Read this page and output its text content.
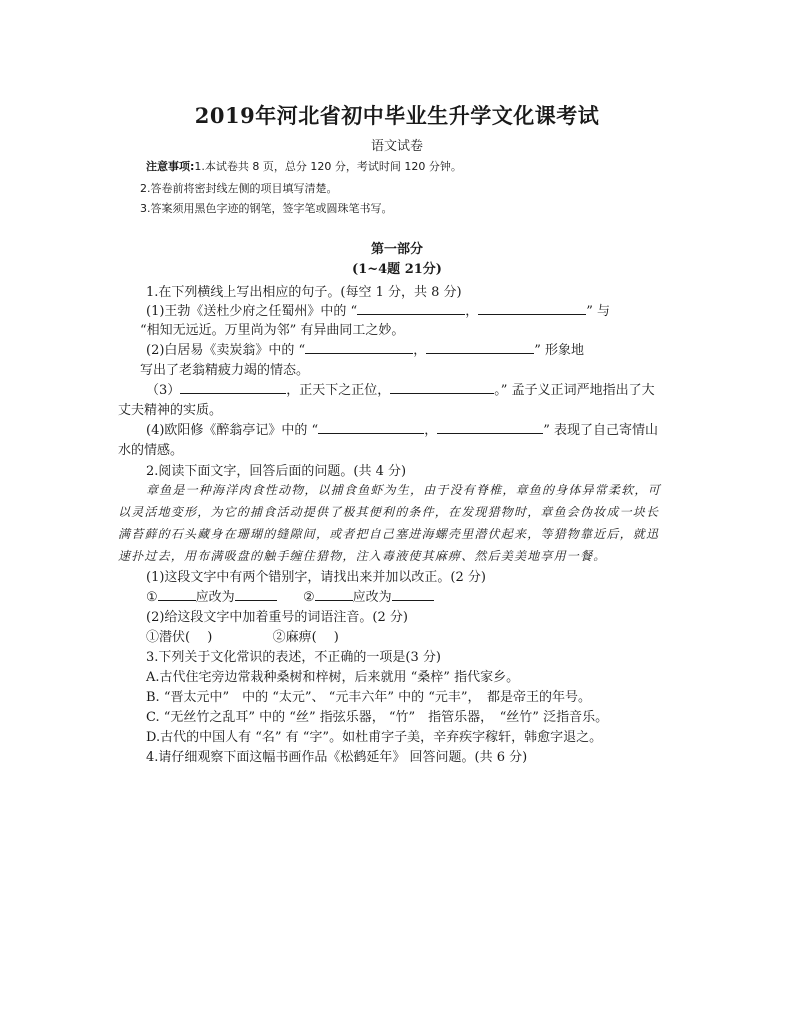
2019年河北省初中毕业生升学文化课考试
语文试卷
注意事项:1.本试卷共 8 页，总分 120 分，考试时间 120 分钟。
2.答卷前将密封线左侧的项目填写清楚。
3.答案须用黑色字迹的钢笔，签字笔或圆珠笔书写。
第一部分
(1~4题 21分)
1.在下列横线上写出相应的句子。(每空 1 分，共 8 分)
(1)王勃《送杜少府之任蜀州》中的 “	，	” 与
“相知无远近。万里尚为邻” 有异曲同工之妙。
(2)白居易《卖炭翁》中的 “	，	” 形象地
写出了老翁精疲力竭的情态。
（3）	，正天下之正位，	。” 孟子义正词严地指出了大
丈夫精神的实质。
(4)欧阳修《醉翁亭记》中的 “	，	” 表现了自己寄情山
水的情感。
2.阅读下面文字，回答后面的问题。(共 4 分)
章鱼是一种海洋肉食性动物，以捕食鱼虾为生，由于没有脊椎，章鱼的身体异常柔软，可
以灵活地变形，为它的捕食活动提供了极其便利的条件，在发现猎物时，章鱼会伪妆成一块长
满苔藓的石头藏身在珊瑚的缝隙间，或者把自己塞进海螺壳里潜伏起来，等猎物靠近后，就迅
速扑过去，用布满吸盘的触手缠住猎物，注入毒液使其麻痹、然后美美地享用一餐。
(1)这段文字中有两个错别字，请找出来并加以改正。(2 分)
①	应改为	②	应改为
(2)给这段文字中加着重号的词语注音。(2 分)
①潜伏(　 )	②麻痹(　 )
3.下列关于文化常识的表述，不正确的一项是(3 分)
A.古代住宅旁边常栽种桑树和梓树，后来就用 “桑梓” 指代家乡。
B. “晋太元中”　中的 “太元”、 “元丰六年” 中的 “元丰”，　都是帝王的年号。
C. “无丝竹之乱耳” 中的 “丝” 指弦乐器， “竹”　指管乐器，　“丝竹” 泛指音乐。
D.古代的中国人有 “名” 有 “字”。如杜甫字子美，辛弃疾字稼轩，韩愈字退之。
4.请仔细观察下面这幅书画作品《松鹤延年》 回答问题。(共 6 分)
